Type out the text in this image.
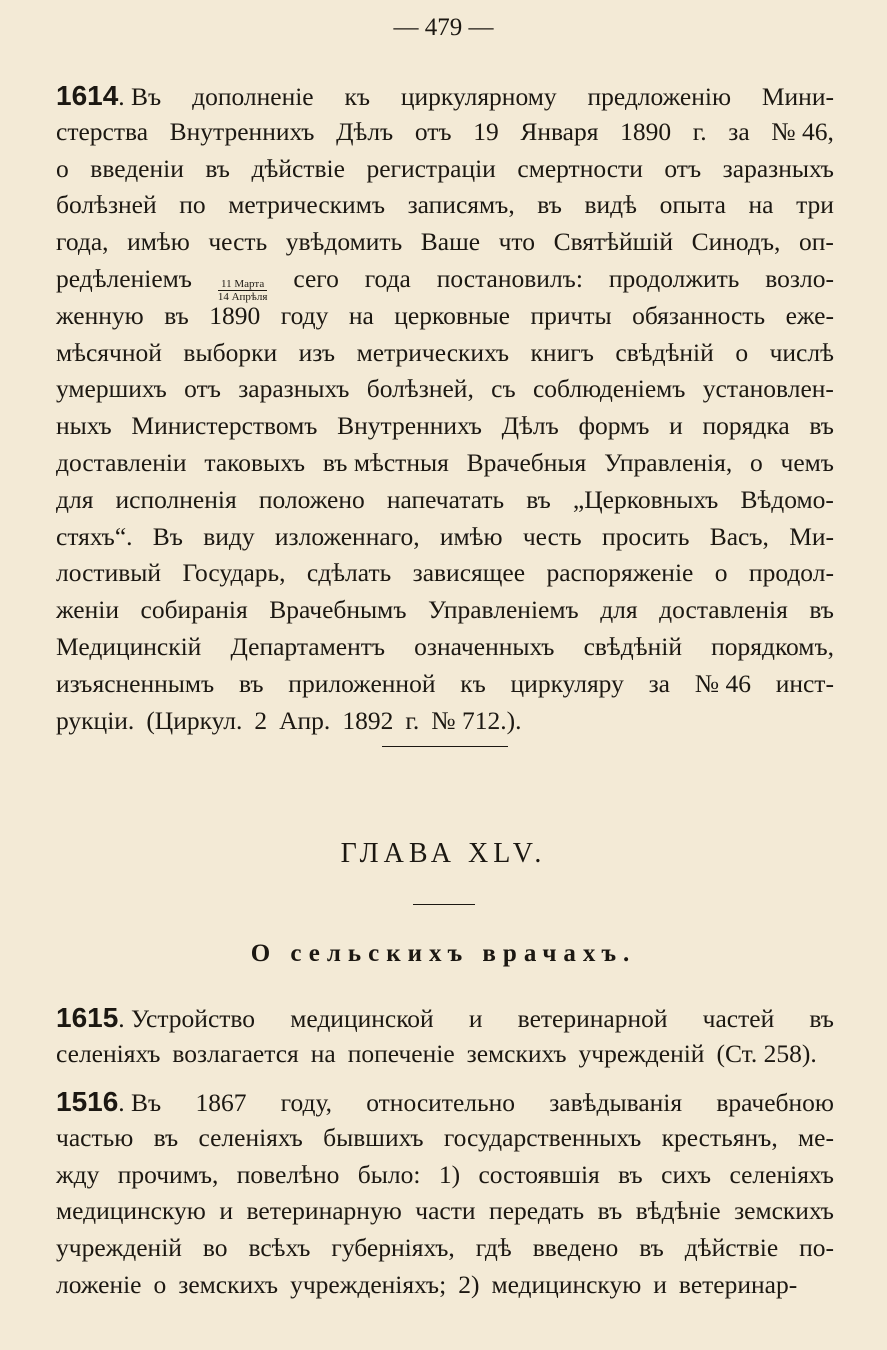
— 479 —
1614. Въ дополненіе къ циркулярному предложенію Мини-
стерства Внутреннихъ Дѣлъ отъ 19 Января 1890 г. за № 46,
о введеніи въ дѣйствіе регистраціи смертности отъ заразныхъ
болѣзней по метрическимъ записямъ, въ видѣ опыта на три
года, имѣю честь увѣдомить Ваше что Святѣйшій Синодъ, оп-
редѣленіемъ $\frac{\text{11 Марта}}{\text{14 Апрѣля}}$ сего года постановилъ: продолжить возло-
женную въ 1890 году на церковные причты обязанность еже-
мѣсячной выборки изъ метрическихъ книгъ свѣдѣній о числѣ
умершихъ отъ заразныхъ болѣзней, съ соблюденіемъ установлен-
ныхъ Министерствомъ Внутреннихъ Дѣлъ формъ и порядка въ
доставленіи таковыхъ въ мѣстныя Врачебныя Управленія, о чемъ
для исполненія положено напечатать въ „Церковныхъ Вѣдомо-
стяхъ“. Въ виду изложеннаго, имѣю честь просить Васъ, Ми-
лостивый Государь, сдѣлать зависящее распоряженіе о продол-
женіи собиранія Врачебнымъ Управленіемъ для доставленія въ
Медицинскій Департаментъ означенныхъ свѣдѣній порядкомъ,
изъясненнымъ въ приложенной къ циркуляру за № 46 инст-
рукціи. (Циркул. 2 Апр. 1892 г. № 712.).
ГЛАВА XLV.
О сельскихъ врачахъ.
1615. Устройство медицинской и ветеринарной частей въ
селеніяхъ возлагается на попеченіе земскихъ учрежденій (Ст. 258).
1516. Въ 1867 году, относительно завѣдыванія врачебною
частью въ селеніяхъ бывшихъ государственныхъ крестьянъ, ме-
жду прочимъ, повелѣно было: 1) состоявшія въ сихъ селеніяхъ
медицинскую и ветеринарную части передать въ вѣдѣніе земскихъ
учрежденій во всѣхъ губерніяхъ, гдѣ введено въ дѣйствіе по-
ложеніе о земскихъ учрежденіяхъ; 2) медицинскую и ветеринар-
